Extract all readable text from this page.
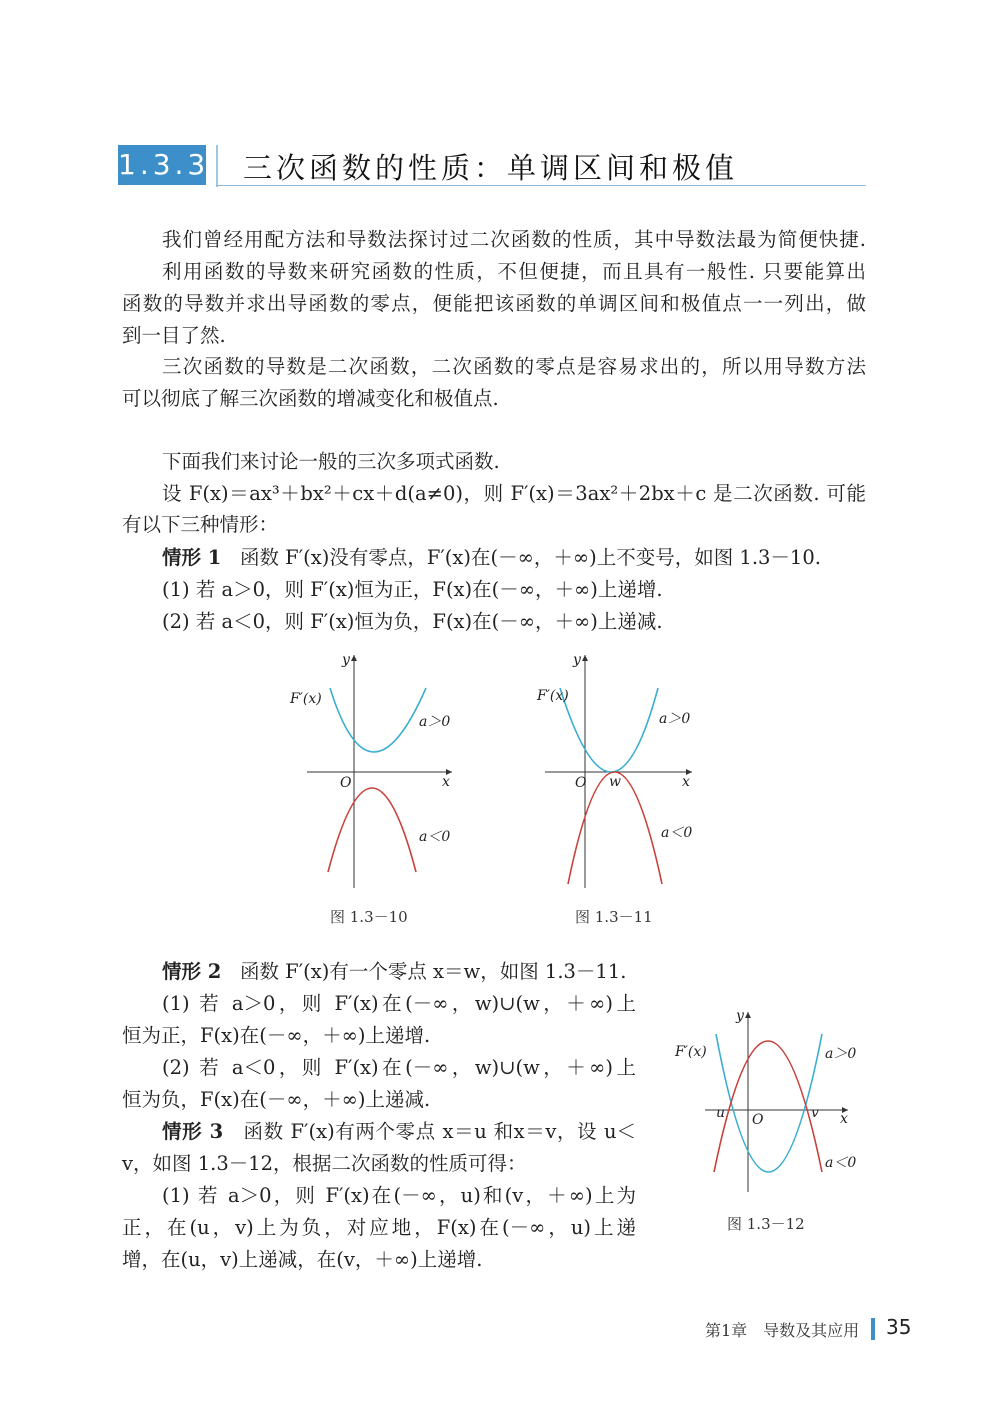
1.3.3 三次函数的性质：单调区间和极值
我们曾经用配方法和导数法探讨过二次函数的性质，其中导数法最为简便快捷.
利用函数的导数来研究函数的性质，不但便捷，而且具有一般性. 只要能算出
函数的导数并求出导函数的零点，便能把该函数的单调区间和极值点一一列出，做
到一目了然.
三次函数的导数是二次函数，二次函数的零点是容易求出的，所以用导数方法
可以彻底了解三次函数的增减变化和极值点.
下面我们来讨论一般的三次多项式函数.
设 F(x)＝ax³＋bx²＋cx＋d(a≠0)，则 F′(x)＝3ax²＋2bx＋c 是二次函数. 可能
有以下三种情形：
情形 1 函数 F′(x)没有零点，F′(x)在(－∞，＋∞)上不变号，如图 1.3－10.
(1) 若 a＞0，则 F′(x)恒为正，F(x)在(－∞，＋∞)上递增.
(2) 若 a＜0，则 F′(x)恒为负，F(x)在(－∞，＋∞)上递减.
y
x
O
F′(x)
a＞0
a＜0
y
x
O w
F′(x)
a＞0
a＜0
y
x
O
u	v
F′(x)	a＞0
a＜0
图 1.3－10	图 1.3－11
图 1.3－12
情形 2 函数 F′(x)有一个零点 x＝w，如图 1.3－11.
(1) 若 a＞0，则 F′(x)在(－∞，w)∪(w，＋∞)上
恒为正，F(x)在(－∞，＋∞)上递增.
(2) 若 a＜0，则 F′(x)在(－∞，w)∪(w，＋∞)上
恒为负，F(x)在(－∞，＋∞)上递减.
情形 3 函数 F′(x)有两个零点 x＝u 和x＝v，设 u＜
v，如图 1.3－12，根据二次函数的性质可得：
(1) 若 a＞0，则 F′(x)在(－∞，u)和(v，＋∞)上为
正，在(u，v)上为负，对应地，F(x)在(－∞，u)上递
增，在(u，v)上递减，在(v，＋∞)上递增.
第1章　导数及其应用 35
